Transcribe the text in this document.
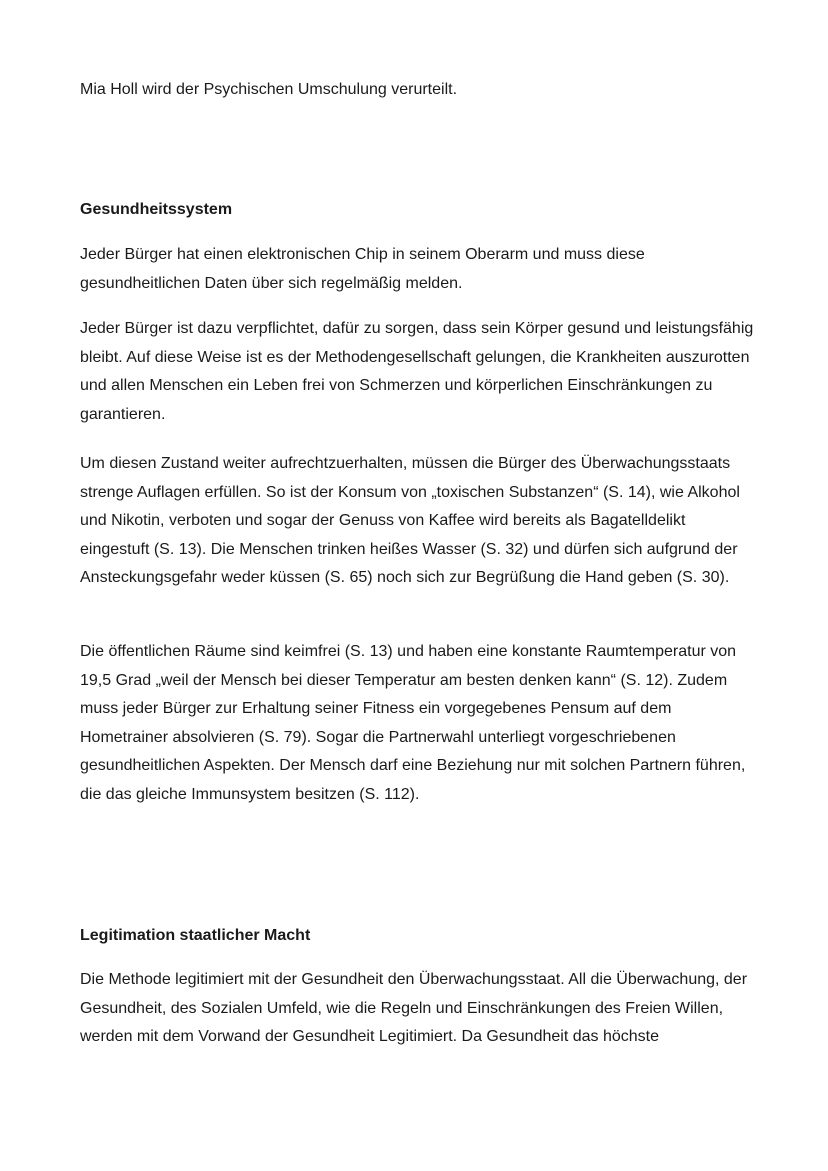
Mia Holl wird der Psychischen Umschulung verurteilt.

Gesundheitssystem

Jeder Bürger hat einen elektronischen Chip in seinem Oberarm und muss diese gesundheitlichen Daten über sich regelmäßig melden.

Jeder Bürger ist dazu verpflichtet, dafür zu sorgen, dass sein Körper gesund und leistungsfähig bleibt. Auf diese Weise ist es der Methodengesellschaft gelungen, die Krankheiten auszurotten und allen Menschen ein Leben frei von Schmerzen und körperlichen Einschränkungen zu garantieren.

Um diesen Zustand weiter aufrechtzuerhalten, müssen die Bürger des Überwachungsstaats strenge Auflagen erfüllen. So ist der Konsum von „toxischen Substanzen“ (S. 14), wie Alkohol und Nikotin, verboten und sogar der Genuss von Kaffee wird bereits als Bagatelldelikt eingestuft (S. 13). Die Menschen trinken heißes Wasser (S. 32) und dürfen sich aufgrund der Ansteckungsgefahr weder küssen (S. 65) noch sich zur Begrüßung die Hand geben (S. 30).

Die öffentlichen Räume sind keimfrei (S. 13) und haben eine konstante Raumtemperatur von 19,5 Grad „weil der Mensch bei dieser Temperatur am besten denken kann“ (S. 12). Zudem muss jeder Bürger zur Erhaltung seiner Fitness ein vorgegebenes Pensum auf dem Hometrainer absolvieren (S. 79). Sogar die Partnerwahl unterliegt vorgeschriebenen gesundheitlichen Aspekten. Der Mensch darf eine Beziehung nur mit solchen Partnern führen, die das gleiche Immunsystem besitzen (S. 112).

Legitimation staatlicher Macht

Die Methode legitimiert mit der Gesundheit den Überwachungsstaat. All die Überwachung, der Gesundheit, des Sozialen Umfeld, wie die Regeln und Einschränkungen des Freien Willen, werden mit dem Vorwand der Gesundheit Legitimiert. Da Gesundheit das höchste
